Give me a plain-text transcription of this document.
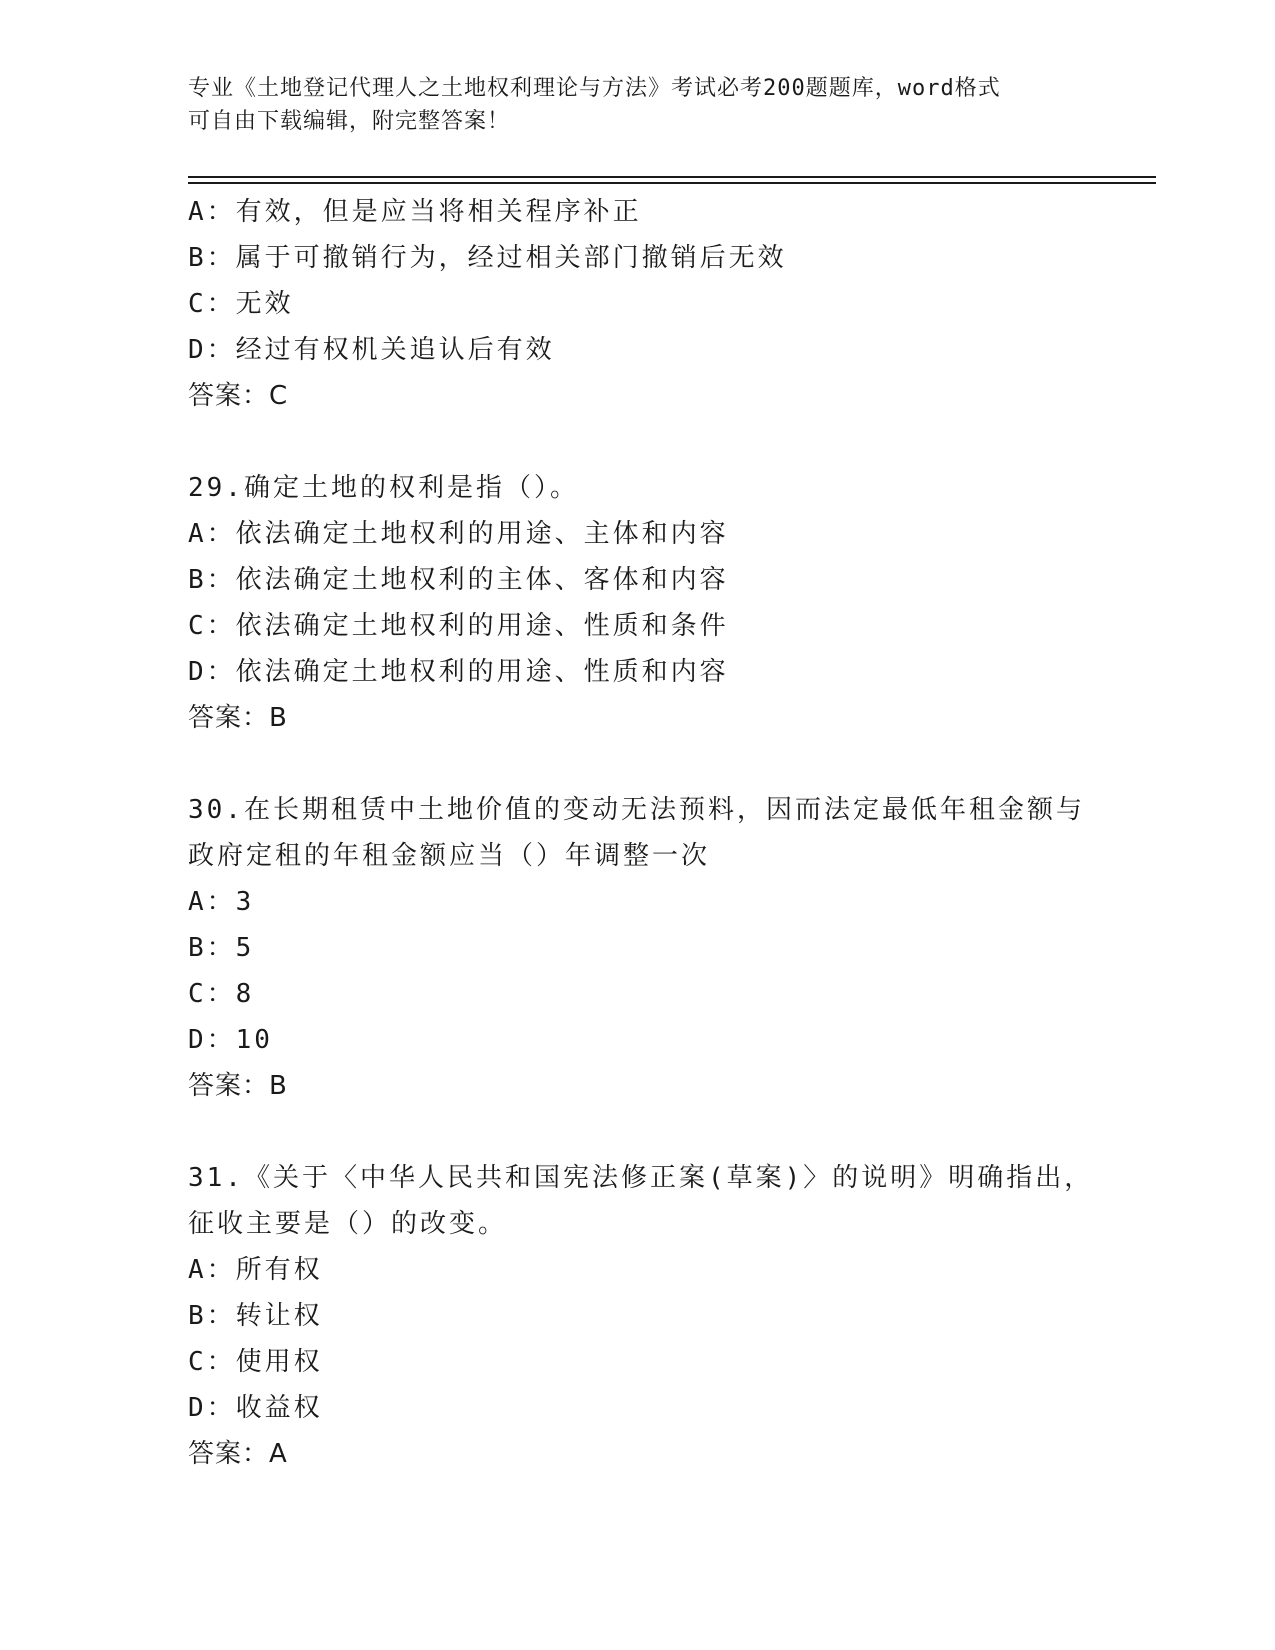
专业《土地登记代理人之土地权利理论与方法》考试必考200题题库，word格式
可自由下载编辑，附完整答案！
A：有效，但是应当将相关程序补正
B：属于可撤销行为，经过相关部门撤销后无效
C：无效
D：经过有权机关追认后有效
答案：C
29.确定土地的权利是指（）。
A：依法确定土地权利的用途、主体和内容
B：依法确定土地权利的主体、客体和内容
C：依法确定土地权利的用途、性质和条件
D：依法确定土地权利的用途、性质和内容
答案：B
30.在长期租赁中土地价值的变动无法预料，因而法定最低年租金额与
政府定租的年租金额应当（）年调整一次
A：3
B：5
C：8
D：10
答案：B
31.《关于〈中华人民共和国宪法修正案(草案)〉的说明》明确指出，
征收主要是（）的改变。
A：所有权
B：转让权
C：使用权
D：收益权
答案：A
